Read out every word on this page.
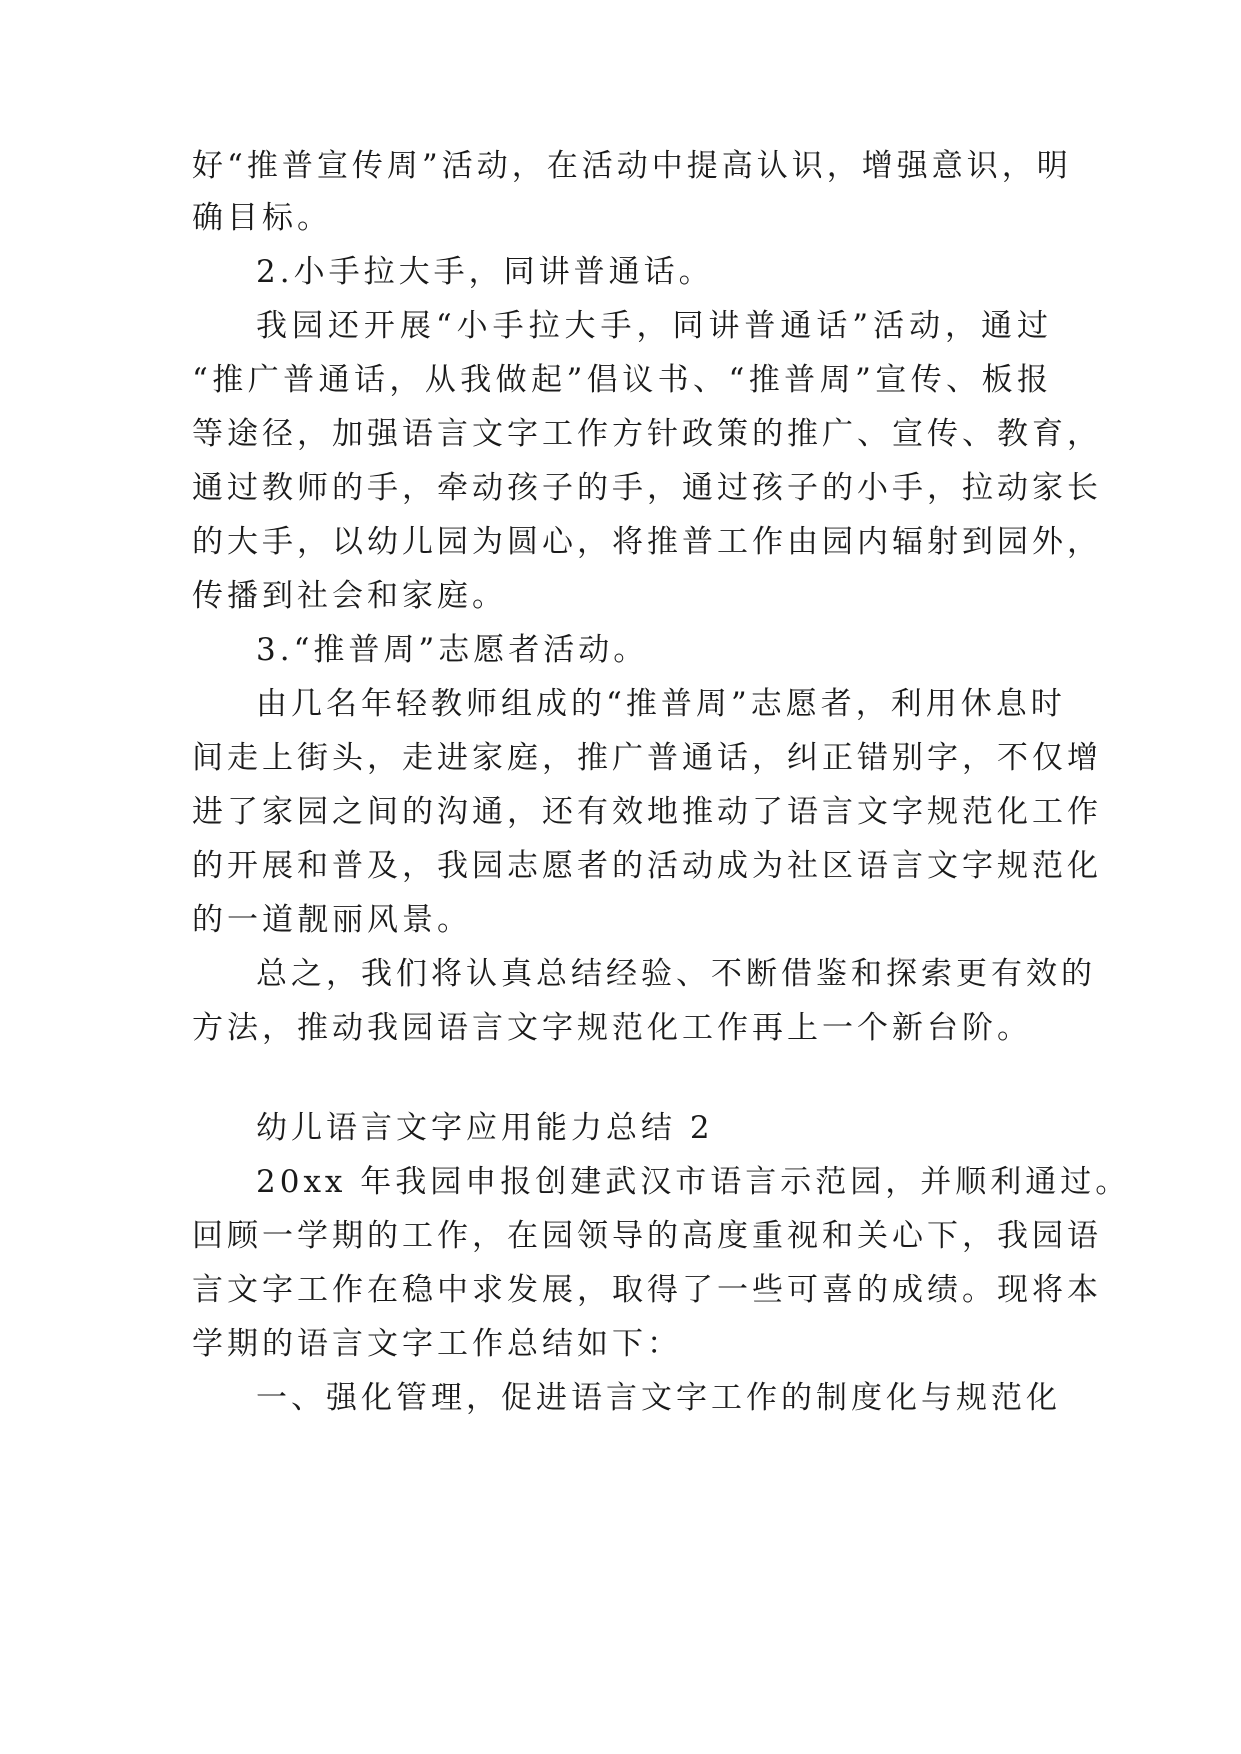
好“推普宣传周”活动，在活动中提高认识，增强意识，明
确目标。
2.小手拉大手，同讲普通话。
我园还开展“小手拉大手，同讲普通话”活动，通过
“推广普通话，从我做起”倡议书、“推普周”宣传、板报
等途径，加强语言文字工作方针政策的推广、宣传、教育，
通过教师的手，牵动孩子的手，通过孩子的小手，拉动家长
的大手，以幼儿园为圆心，将推普工作由园内辐射到园外，
传播到社会和家庭。
3.“推普周”志愿者活动。
由几名年轻教师组成的“推普周”志愿者，利用休息时
间走上街头，走进家庭，推广普通话，纠正错别字，不仅增
进了家园之间的沟通，还有效地推动了语言文字规范化工作
的开展和普及，我园志愿者的活动成为社区语言文字规范化
的一道靓丽风景。
总之，我们将认真总结经验、不断借鉴和探索更有效的
方法，推动我园语言文字规范化工作再上一个新台阶。
幼儿语言文字应用能力总结 2
20xx 年我园申报创建武汉市语言示范园，并顺利通过。
回顾一学期的工作，在园领导的高度重视和关心下，我园语
言文字工作在稳中求发展，取得了一些可喜的成绩。现将本
学期的语言文字工作总结如下：
一、强化管理，促进语言文字工作的制度化与规范化
